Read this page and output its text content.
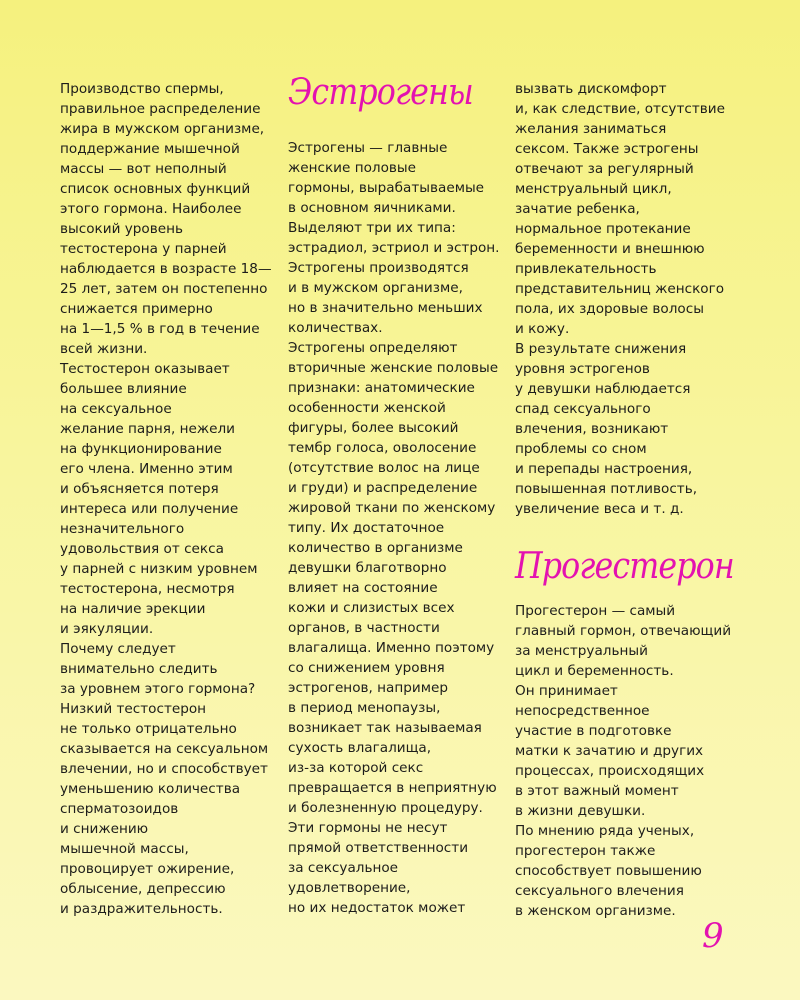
Производство спермы,
правильное распределение
жира в мужском организме,
поддержание мышечной
массы — вот неполный
список основных функций
этого гормона. Наиболее
высокий уровень
тестостерона у парней
наблюдается в возрасте 18—
25 лет, затем он постепенно
снижается примерно
на 1—1,5 % в год в течение
всей жизни.
Тестостерон оказывает
большее влияние
на сексуальное
желание парня, нежели
на функционирование
его члена. Именно этим
и объясняется потеря
интереса или получение
незначительного
удовольствия от секса
у парней с низким уровнем
тестостерона, несмотря
на наличие эрекции
и эякуляции.
Почему следует
внимательно следить
за уровнем этого гормона?
Низкий тестостерон
не только отрицательно
сказывается на сексуальном
влечении, но и способствует
уменьшению количества
сперматозоидов
и снижению
мышечной массы,
провоцирует ожирение,
облысение, депрессию
и раздражительность.
Эстрогены
Эстрогены — главные
женские половые
гормоны, вырабатываемые
в основном яичниками.
Выделяют три их типа:
эстрадиол, эстриол и эстрон.
Эстрогены производятся
и в мужском организме,
но в значительно меньших
количествах.
Эстрогены определяют
вторичные женские половые
признаки: анатомические
особенности женской
фигуры, более высокий
тембр голоса, оволосение
(отсутствие волос на лице
и груди) и распределение
жировой ткани по женскому
типу. Их достаточное
количество в организме
девушки благотворно
влияет на состояние
кожи и слизистых всех
органов, в частности
влагалища. Именно поэтому
со снижением уровня
эстрогенов, например
в период менопаузы,
возникает так называемая
сухость влагалища,
из-за которой секс
превращается в неприятную
и болезненную процедуру.
Эти гормоны не несут
прямой ответственности
за сексуальное
удовлетворение,
но их недостаток может
вызвать дискомфорт
и, как следствие, отсутствие
желания заниматься
сексом. Также эстрогены
отвечают за регулярный
менструальный цикл,
зачатие ребенка,
нормальное протекание
беременности и внешнюю
привлекательность
представительниц женского
пола, их здоровые волосы
и кожу.
В результате снижения
уровня эстрогенов
у девушки наблюдается
спад сексуального
влечения, возникают
проблемы со сном
и перепады настроения,
повышенная потливость,
увеличение веса и т. д.
Прогестерон
Прогестерон — самый
главный гормон, отвечающий
за менструальный
цикл и беременность.
Он принимает
непосредственное
участие в подготовке
матки к зачатию и других
процессах, происходящих
в этот важный момент
в жизни девушки.
По мнению ряда ученых,
прогестерон также
способствует повышению
сексуального влечения
в женском организме.
9
